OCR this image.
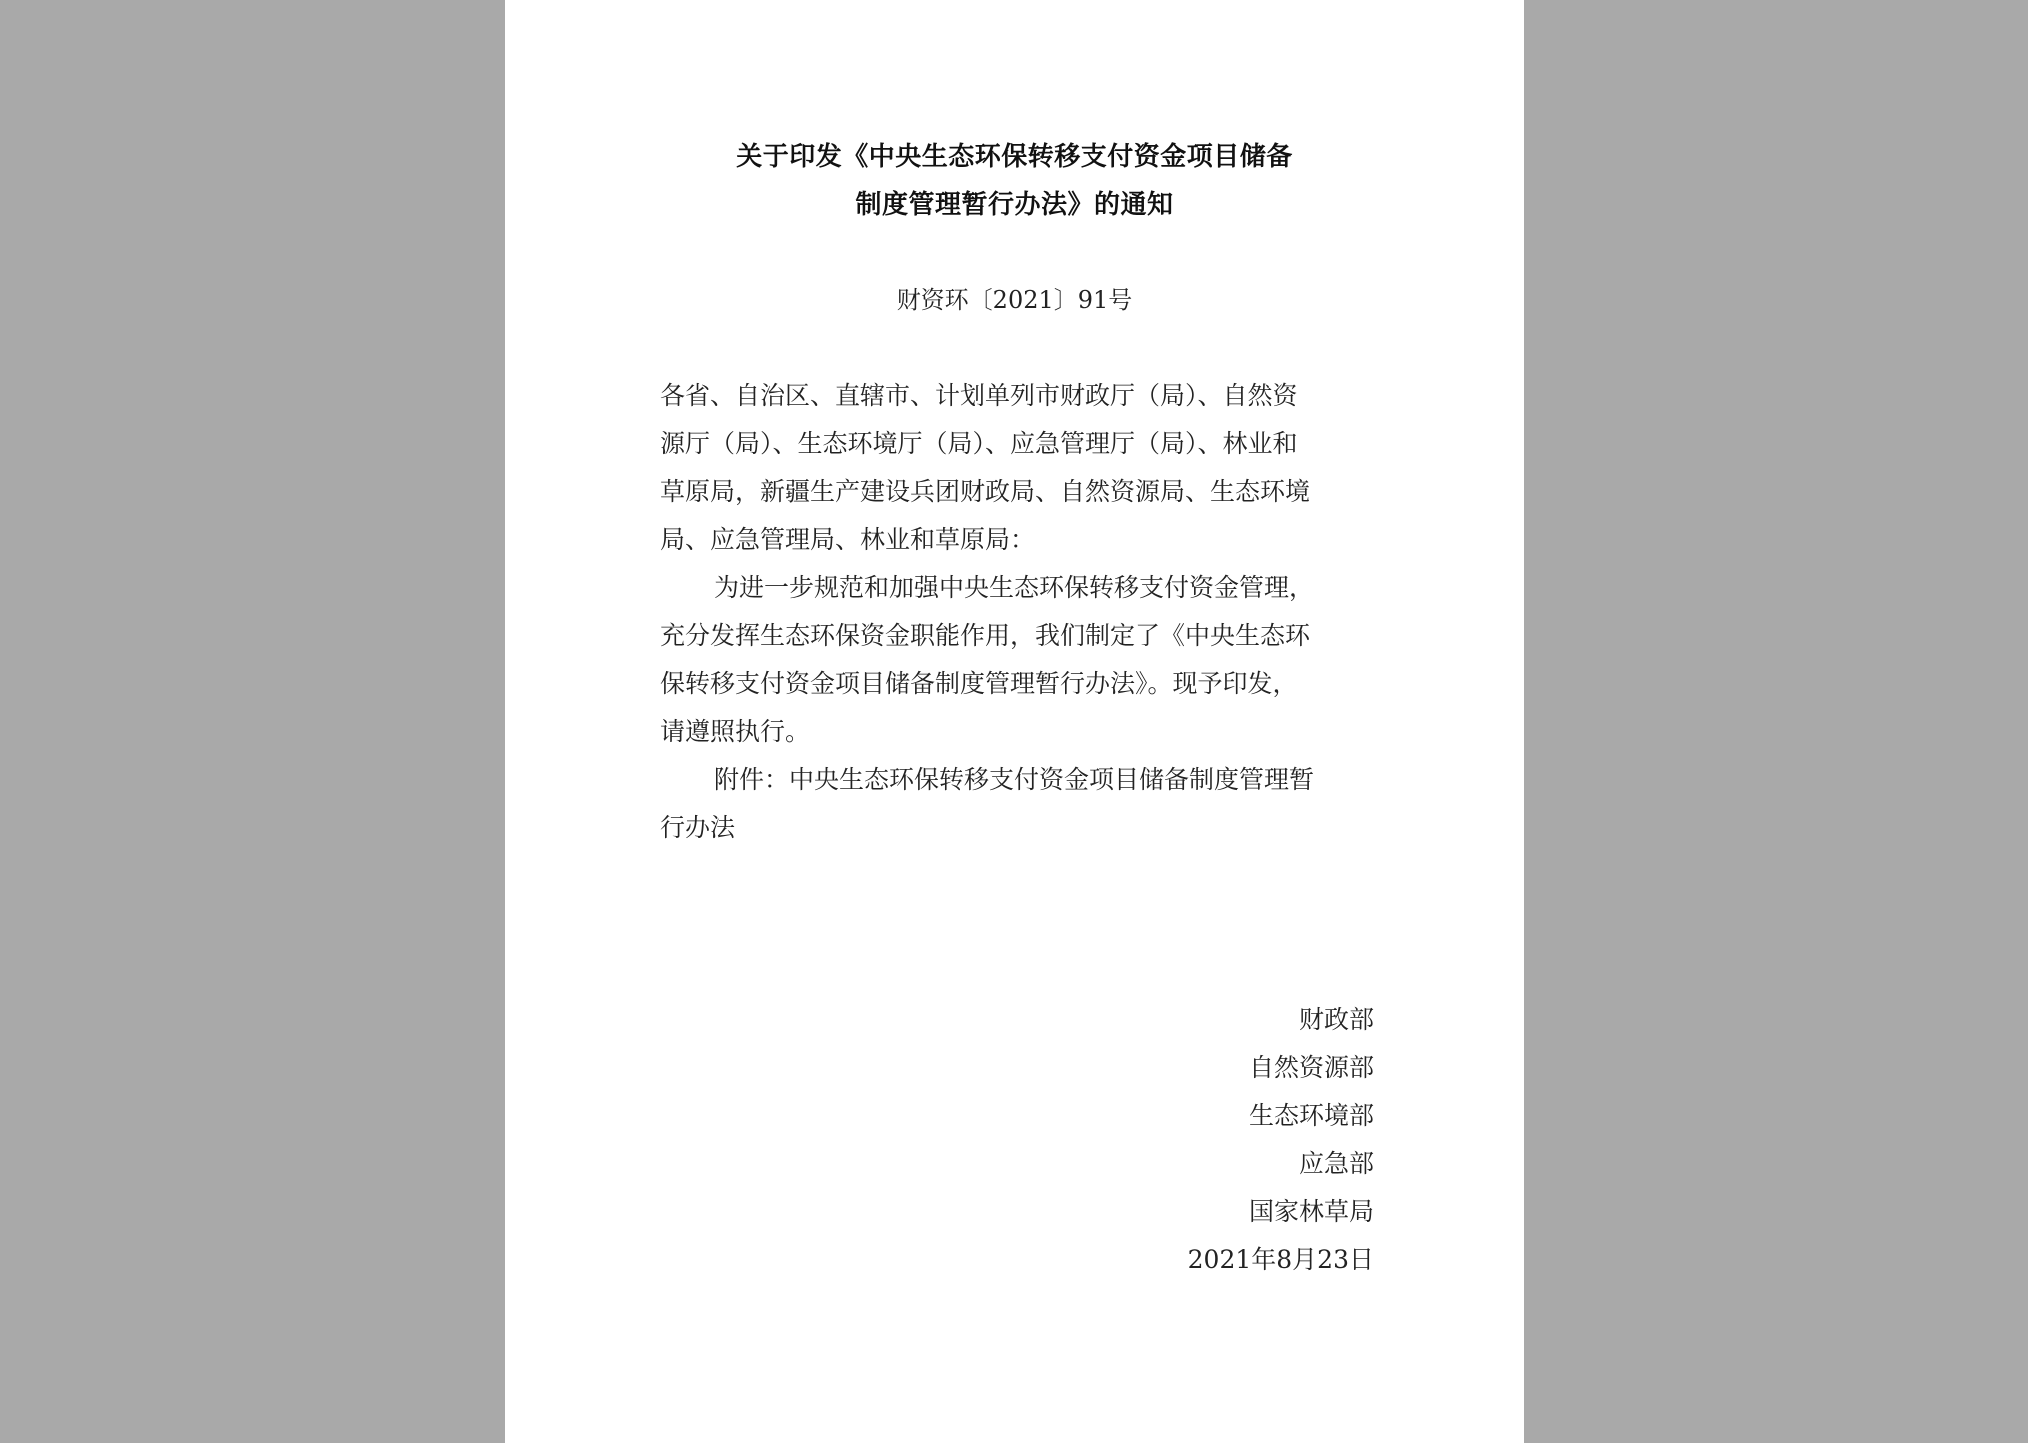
关于印发《中央生态环保转移支付资金项目储备
制度管理暂行办法》的通知
财资环〔2021〕91号
各省、自治区、直辖市、计划单列市财政厅（局）、自然资
源厅（局）、生态环境厅（局）、应急管理厅（局）、林业和
草原局，新疆生产建设兵团财政局、自然资源局、生态环境
局、应急管理局、林业和草原局：
为进一步规范和加强中央生态环保转移支付资金管理，
充分发挥生态环保资金职能作用，我们制定了《中央生态环
保转移支付资金项目储备制度管理暂行办法》。现予印发，
请遵照执行。
附件：中央生态环保转移支付资金项目储备制度管理暂
行办法
财政部
自然资源部
生态环境部
应急部
国家林草局
2021年8月23日
